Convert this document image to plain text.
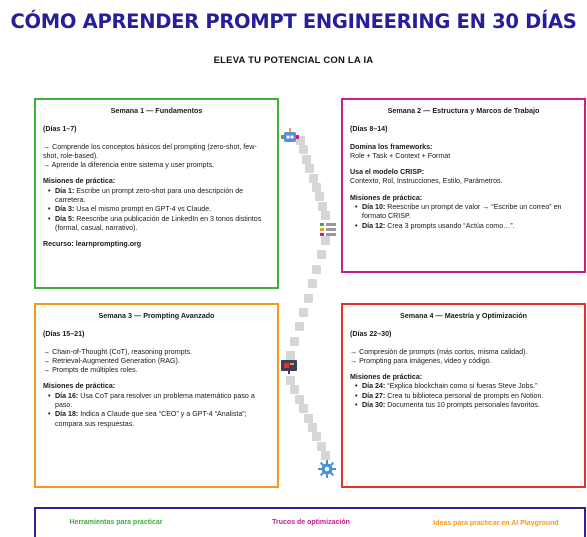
CÓMO APRENDER PROMPT ENGINEERING EN 30 DÍAS
ELEVA TU POTENCIAL CON LA IA
Semana 1 — Fundamentos
(Días 1–7)

→ Comprende los conceptos básicos del prompting (zero-shot, few-shot, role-based).

→ Aprende la diferencia entre sistema y user prompts.

Misiones de práctica:

• Día 1: Escribe un prompt zero-shot para una descripción de carretera.
• Día 3: Usa el mismo prompt en GPT-4 vs Claude.
• Día 5: Reescribe una publicación de LinkedIn en 3 tonos distintos (formal, casual, narrativo).

Recurso: learnprompting.org

Semana 2 — Estructura y Marcos de Trabajo
(Días 8–14)

Domina los frameworks:

Role + Task + Context + Format

Usa el modelo CRISP:

Contexto, Rol, Instrucciones, Estilo, Parámetros.

Misiones de práctica:

• Día 10: Reescribe un prompt de valor → “Escribe un correo” en formato CRISP.
• Día 12: Crea 3 prompts usando “Actúa como…”.
Semana 3 — Prompting Avanzado
(Días 15–21)

→ Chain-of-Thought (CoT), reasoning prompts.

→ Retrieval-Augmented Generation (RAG).

→ Prompts de múltiples roles.

Misiones de práctica:

• Día 16: Usa CoT para resolver un problema matemático paso a paso.
• Día 18: Indica a Claude que sea “CEO” y a GPT-4 “Analista”; compara sus respuestas.
Semana 4 — Maestría y Optimización
(Días 22–30)

→ Compresión de prompts (más cortos, misma calidad).

→ Prompting para imágenes, video y código.

Misiones de práctica:

• Día 24: “Explica blockchain como si fueras Steve Jobs.”
• Día 27: Crea tu biblioteca personal de prompts en Notion.
• Día 30: Documenta tus 10 prompts personales favoritos.
Herramientas para practicar	Trucos de optimización	Ideas para practicar en AI Playground
